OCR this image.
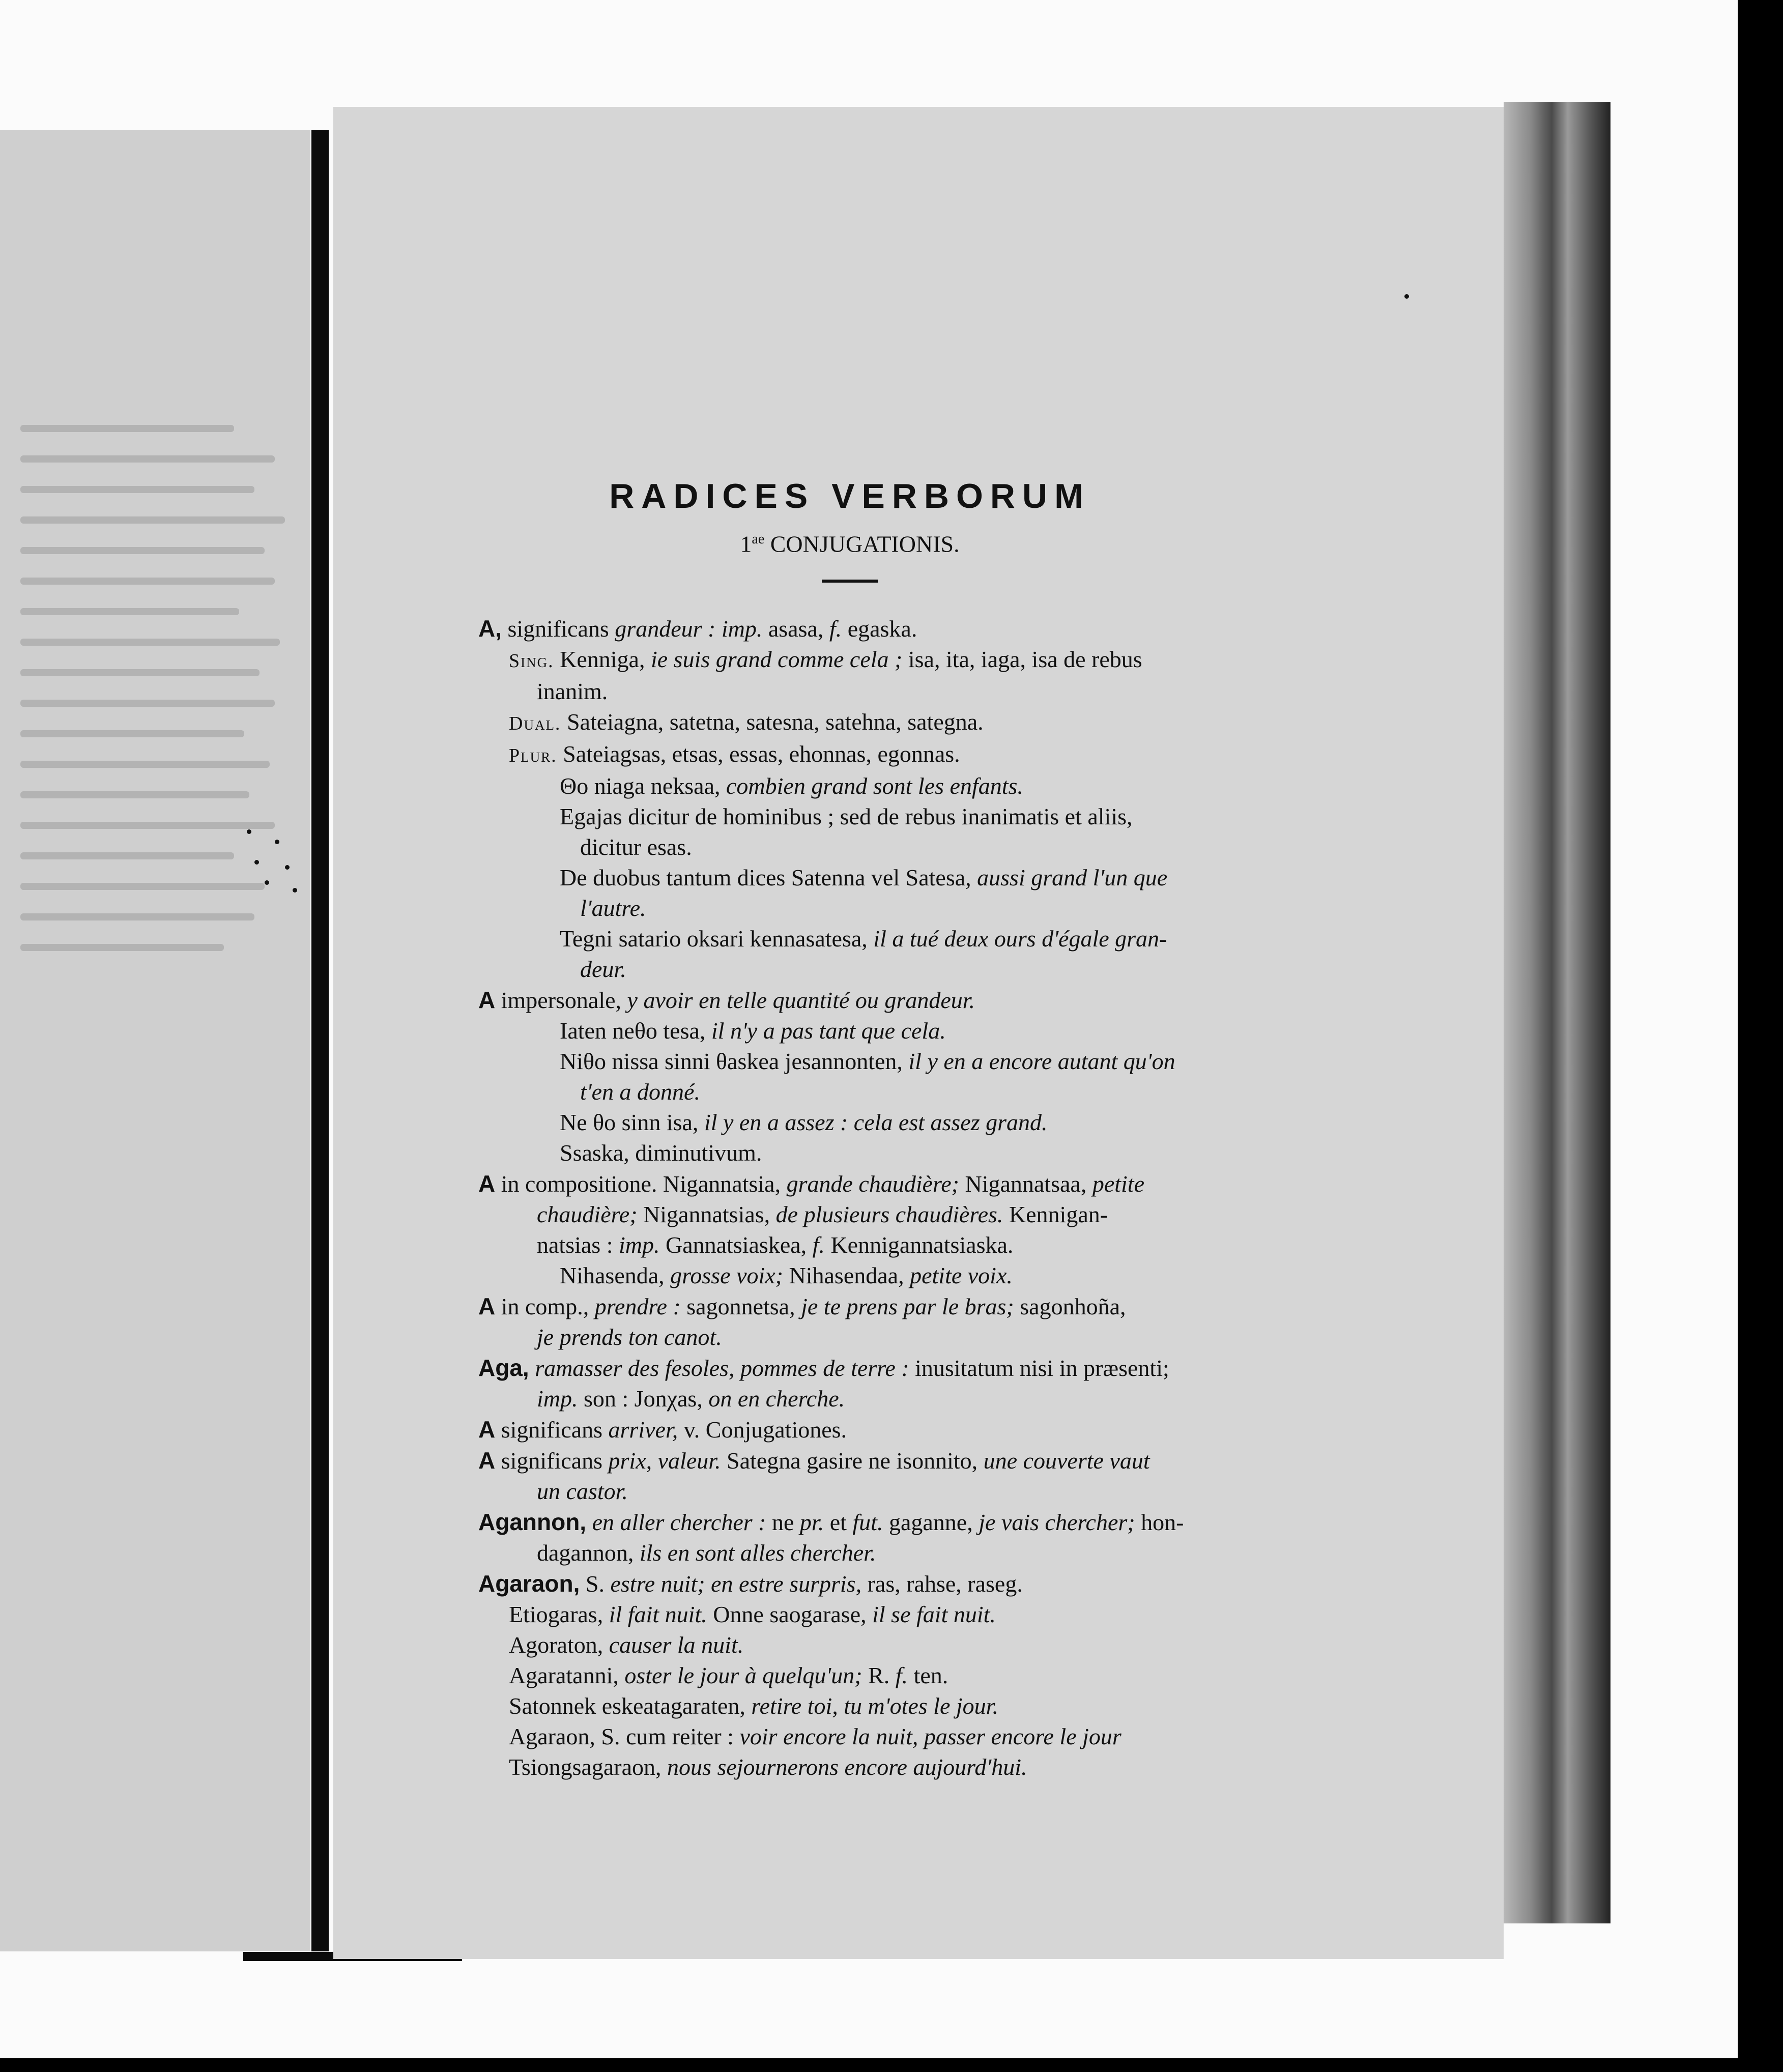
RADICES VERBORUM
$1^{ae}$ CONJUGATIONIS.
A, significans grandeur : imp. asasa, f. egaska.
Sing. Kenniga, ie suis grand comme cela ; isa, ita, iaga, isa de rebus
inanim.
Dual. Sateiagna, satetna, satesna, satehna, sategna.
Plur. Sateiagsas, etsas, essas, ehonnas, egonnas.
Θo niaga neksaa, combien grand sont les enfants.
Egajas dicitur de hominibus ; sed de rebus inanimatis et aliis,
dicitur esas.
De duobus tantum dices Satenna vel Satesa, aussi grand l'un que
l'autre.
Tegni satario oksari kennasatesa, il a tué deux ours d'égale gran-
deur.
A impersonale, y avoir en telle quantité ou grandeur.
Iaten neθo tesa, il n'y a pas tant que cela.
Niθo nissa sinni θaskea jesannonten, il y en a encore autant qu'on
t'en a donné.
Ne θo sinn isa, il y en a assez : cela est assez grand.
Ssaska, diminutivum.
A in compositione. Nigannatsia, grande chaudière; Nigannatsaa, petite
chaudière; Nigannatsias, de plusieurs chaudières. Kennigan-
natsias : imp. Gannatsiaskea, f. Kennigannatsiaska.
Nihasenda, grosse voix; Nihasendaa, petite voix.
A in comp., prendre : sagonnetsa, je te prens par le bras; sagonhoña,
je prends ton canot.
Aga, ramasser des fesoles, pommes de terre : inusitatum nisi in præsenti;
imp. son : Jonχas, on en cherche.
A significans arriver, v. Conjugationes.
A significans prix, valeur. Sategna gasire ne isonnito, une couverte vaut
un castor.
Agannon, en aller chercher : ne pr. et fut. gaganne, je vais chercher; hon-
dagannon, ils en sont alles chercher.
Agaraon, S. estre nuit; en estre surpris, ras, rahse, raseg.
Etiogaras, il fait nuit. Onne saogarase, il se fait nuit.
Agoraton, causer la nuit.
Agaratanni, oster le jour à quelqu'un; R. f. ten.
Satonnek eskeatagaraten, retire toi, tu m'otes le jour.
Agaraon, S. cum reiter : voir encore la nuit, passer encore le jour
Tsiongsagaraon, nous sejournerons encore aujourd'hui.
